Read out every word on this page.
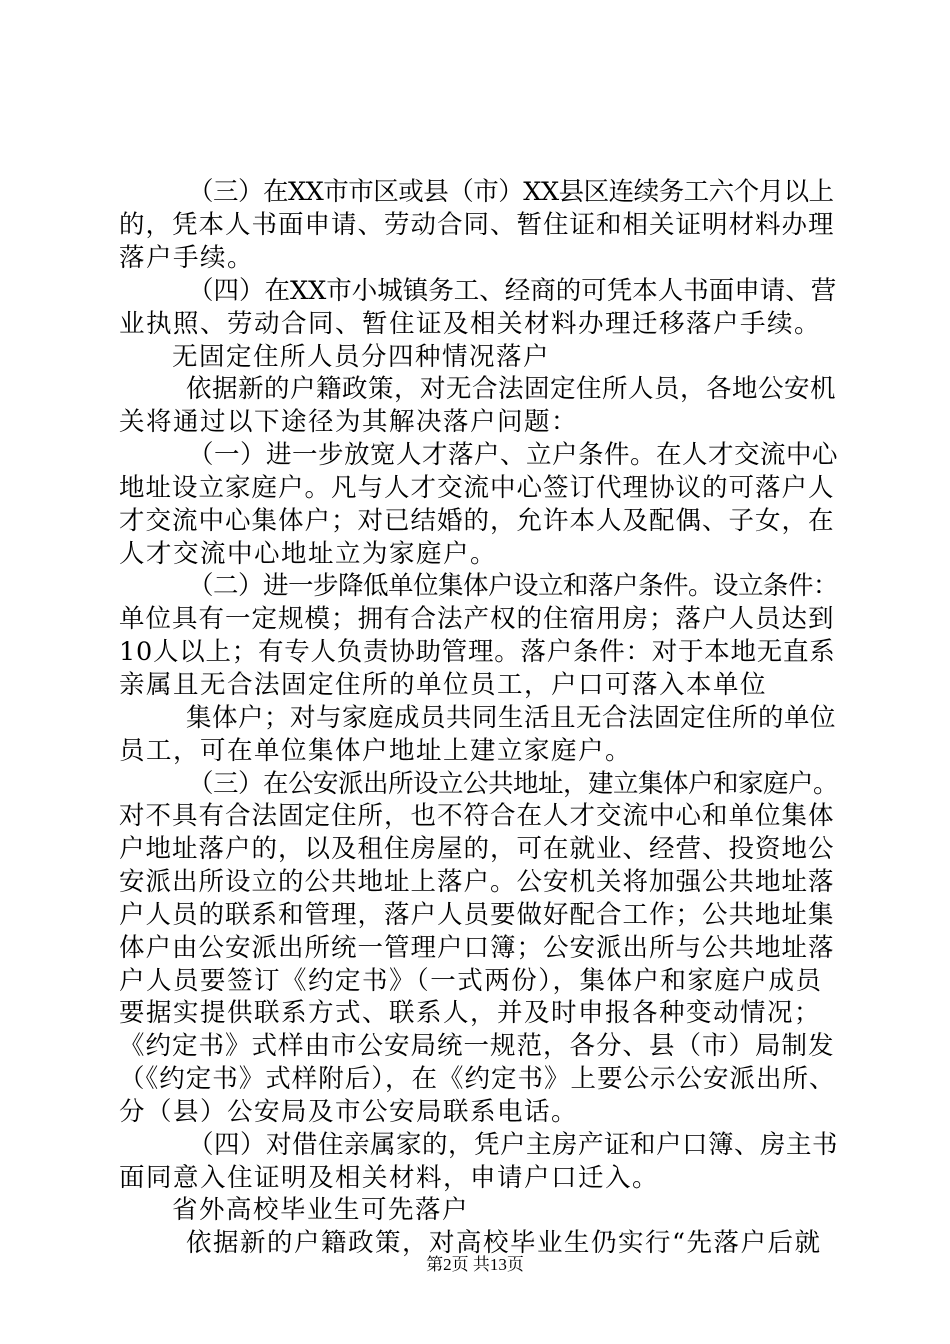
（三）在XX市市区或县（市）XX县区连续务工六个月以上
的，凭本人书面申请、劳动合同、暂住证和相关证明材料办理
落户手续。
（四）在XX市小城镇务工、经商的可凭本人书面申请、营
业执照、劳动合同、暂住证及相关材料办理迁移落户手续。
无固定住所人员分四种情况落户
依据新的户籍政策，对无合法固定住所人员，各地公安机
关将通过以下途径为其解决落户问题：
（一）进一步放宽人才落户、立户条件。在人才交流中心
地址设立家庭户。凡与人才交流中心签订代理协议的可落户人
才交流中心集体户；对已结婚的，允许本人及配偶、子女，在
人才交流中心地址立为家庭户。
（二）进一步降低单位集体户设立和落户条件。设立条件：
单位具有一定规模；拥有合法产权的住宿用房；落户人员达到
10人以上；有专人负责协助管理。落户条件：对于本地无直系
亲属且无合法固定住所的单位员工，户口可落入本单位
集体户；对与家庭成员共同生活且无合法固定住所的单位
员工，可在单位集体户地址上建立家庭户。
（三）在公安派出所设立公共地址，建立集体户和家庭户。
对不具有合法固定住所，也不符合在人才交流中心和单位集体
户地址落户的，以及租住房屋的，可在就业、经营、投资地公
安派出所设立的公共地址上落户。公安机关将加强公共地址落
户人员的联系和管理，落户人员要做好配合工作；公共地址集
体户由公安派出所统一管理户口簿；公安派出所与公共地址落
户人员要签订《约定书》（一式两份），集体户和家庭户成员
要据实提供联系方式、联系人，并及时申报各种变动情况；
《约定书》式样由市公安局统一规范，各分、县（市）局制发
（《约定书》式样附后），在《约定书》上要公示公安派出所、
分（县）公安局及市公安局联系电话。
（四）对借住亲属家的，凭户主房产证和户口簿、房主书
面同意入住证明及相关材料，申请户口迁入。
省外高校毕业生可先落户
依据新的户籍政策，对高校毕业生仍实行“先落户后就
第2页 共13页
